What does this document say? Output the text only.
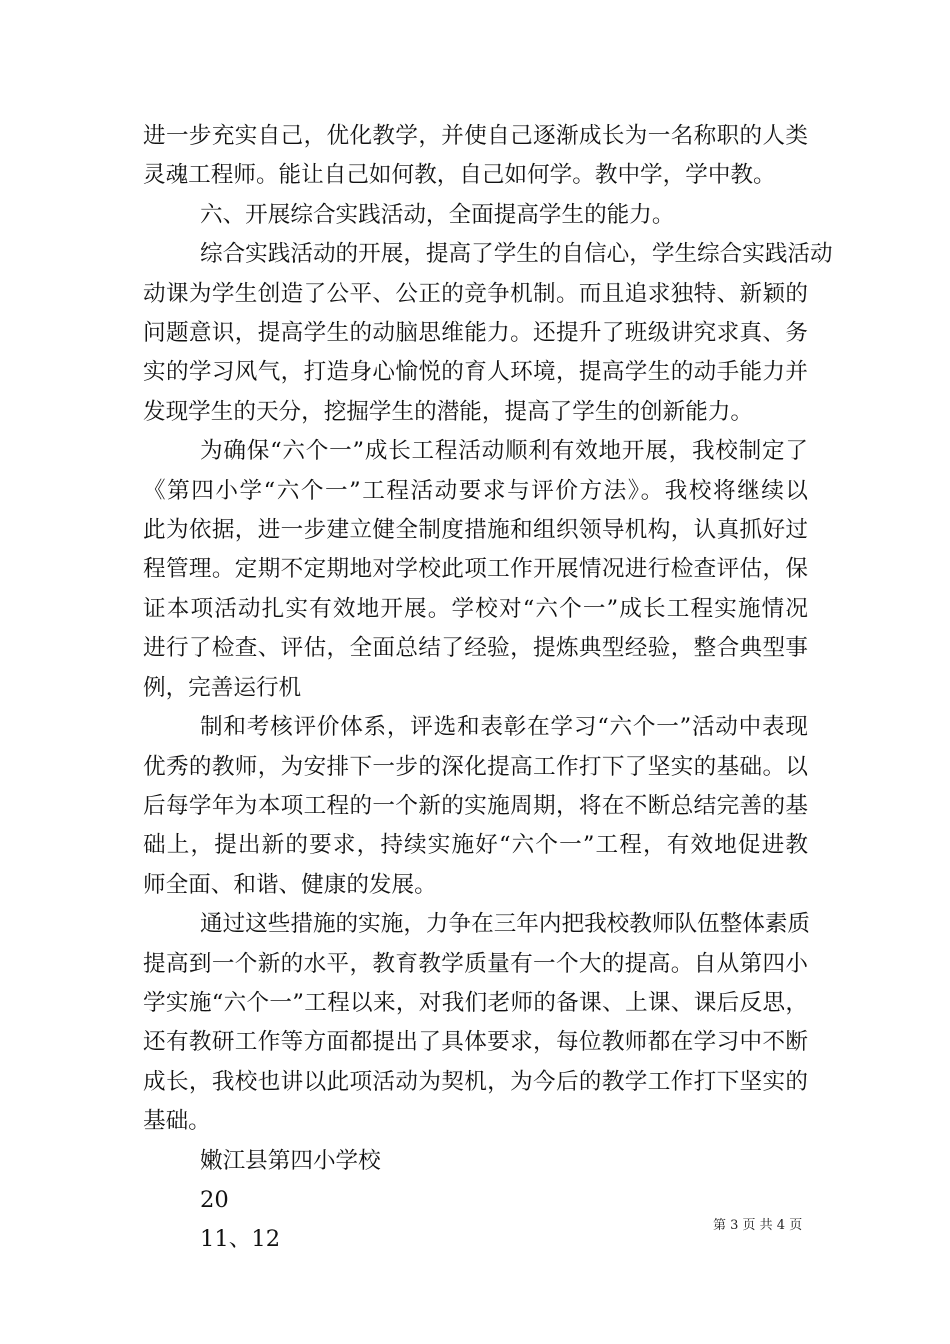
进一步充实自己，优化教学，并使自己逐渐成长为一名称职的人类
灵魂工程师。能让自己如何教，自己如何学。教中学，学中教。
六、开展综合实践活动，全面提高学生的能力。
综合实践活动的开展，提高了学生的自信心，学生综合实践活动
动课为学生创造了公平、公正的竞争机制。而且追求独特、新颖的
问题意识，提高学生的动脑思维能力。还提升了班级讲究求真、务
实的学习风气，打造身心愉悦的育人环境，提高学生的动手能力并
发现学生的天分，挖掘学生的潜能，提高了学生的创新能力。
为确保“六个一”成长工程活动顺利有效地开展，我校制定了
《第四小学“六个一”工程活动要求与评价方法》。我校将继续以
此为依据，进一步建立健全制度措施和组织领导机构，认真抓好过
程管理。定期不定期地对学校此项工作开展情况进行检查评估，保
证本项活动扎实有效地开展。学校对“六个一”成长工程实施情况
进行了检查、评估，全面总结了经验，提炼典型经验，整合典型事
例，完善运行机
制和考核评价体系，评选和表彰在学习“六个一”活动中表现
优秀的教师，为安排下一步的深化提高工作打下了坚实的基础。以
后每学年为本项工程的一个新的实施周期，将在不断总结完善的基
础上，提出新的要求，持续实施好“六个一”工程，有效地促进教
师全面、和谐、健康的发展。
通过这些措施的实施，力争在三年内把我校教师队伍整体素质
提高到一个新的水平，教育教学质量有一个大的提高。自从第四小
学实施“六个一”工程以来，对我们老师的备课、上课、课后反思，
还有教研工作等方面都提出了具体要求，每位教师都在学习中不断
成长，我校也讲以此项活动为契机，为今后的教学工作打下坚实的
基础。
嫩江县第四小学校
20
11、12
第 3 页 共 4 页
